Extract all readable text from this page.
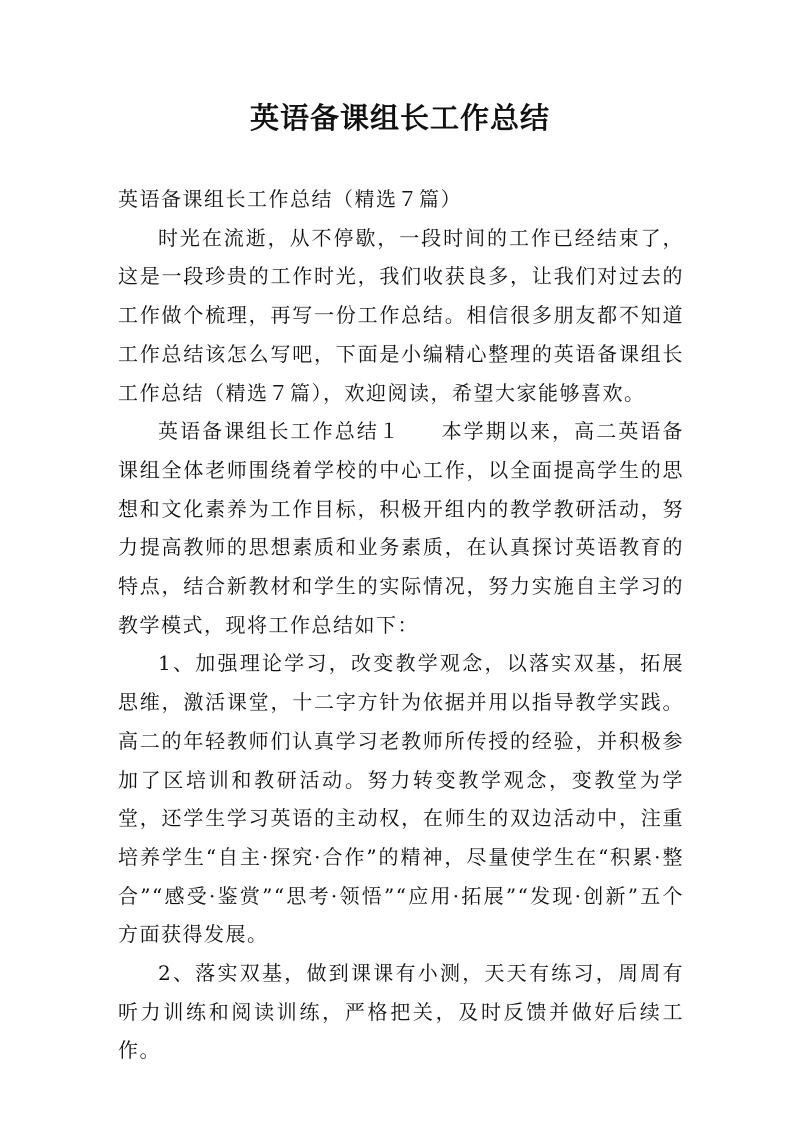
英语备课组长工作总结

英语备课组长工作总结（精选７篇）

时光在流逝，从不停歇，一段时间的工作已经结束了，这是一段珍贵的工作时光，我们收获良多，让我们对过去的工作做个梳理，再写一份工作总结。相信很多朋友都不知道工作总结该怎么写吧，下面是小编精心整理的英语备课组长工作总结（精选７篇），欢迎阅读，希望大家能够喜欢。

英语备课组长工作总结１ 本学期以来，高二英语备课组全体老师围绕着学校的中心工作，以全面提高学生的思想和文化素养为工作目标，积极开组内的教学教研活动，努力提高教师的思想素质和业务素质，在认真探讨英语教育的特点，结合新教材和学生的实际情况，努力实施自主学习的教学模式，现将工作总结如下：

1、加强理论学习，改变教学观念，以落实双基，拓展思维，激活课堂，十二字方针为依据并用以指导教学实践。高二的年轻教师们认真学习老教师所传授的经验，并积极参加了区培训和教研活动。努力转变教学观念，变教堂为学堂，还学生学习英语的主动权，在师生的双边活动中，注重培养学生“自主·探究·合作”的精神，尽量使学生在“积累·整合”“感受·鉴赏”“思考·领悟”“应用·拓展”“发现·创新”五个方面获得发展。

2、落实双基，做到课课有小测，天天有练习，周周有听力训练和阅读训练，严格把关，及时反馈并做好后续工作。
